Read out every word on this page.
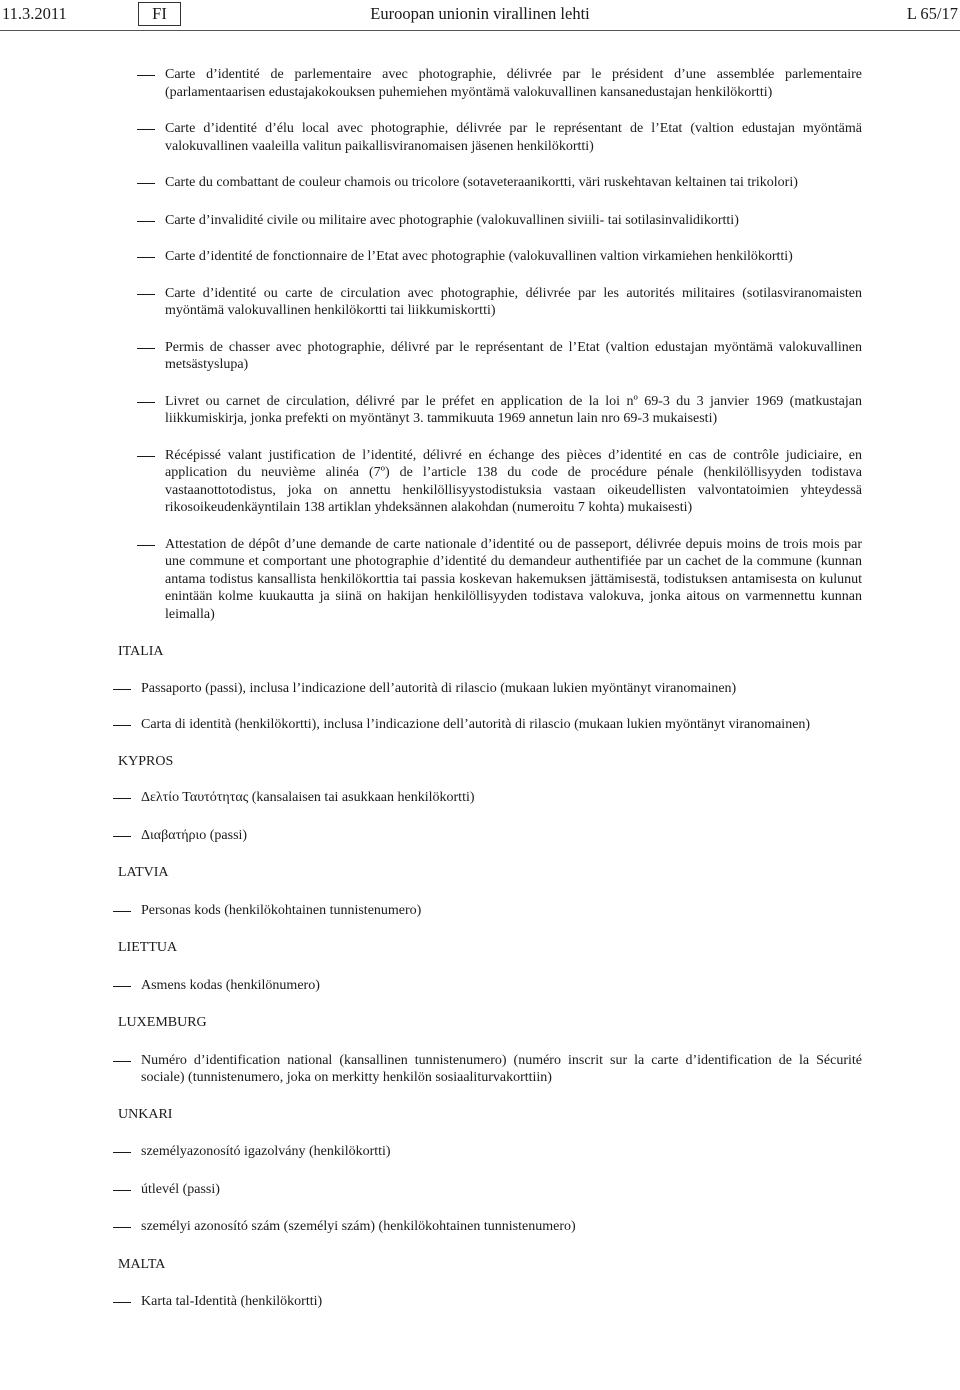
11.3.2011	FI	Euroopan unionin virallinen lehti	L 65/17
Carte d’identité de parlementaire avec photographie, délivrée par le président d’une assemblée parlementaire (parlamentaarisen edustajakokouksen puhemiehen myöntämä valokuvallinen kansanedustajan henkilökortti)
Carte d’identité d’élu local avec photographie, délivrée par le représentant de l’Etat (valtion edustajan myöntämä valokuvallinen vaaleilla valitun paikallisviranomaisen jäsenen henkilökortti)
Carte du combattant de couleur chamois ou tricolore (sotaveteraanikortti, väri ruskehtavan keltainen tai trikolori)
Carte d’invalidité civile ou militaire avec photographie (valokuvallinen siviili- tai sotilasinvalidikortti)
Carte d’identité de fonctionnaire de l’Etat avec photographie (valokuvallinen valtion virkamiehen henkilökortti)
Carte d’identité ou carte de circulation avec photographie, délivrée par les autorités militaires (sotilasviranomaisten myöntämä valokuvallinen henkilökortti tai liikkumiskortti)
Permis de chasser avec photographie, délivré par le représentant de l’Etat (valtion edustajan myöntämä valokuvallinen metsästyslupa)
Livret ou carnet de circulation, délivré par le préfet en application de la loi nº 69-3 du 3 janvier 1969 (matkustajan liikkumiskirja, jonka prefekti on myöntänyt 3. tammikuuta 1969 annetun lain nro 69-3 mukaisesti)
Récépissé valant justification de l’identité, délivré en échange des pièces d’identité en cas de contrôle judiciaire, en application du neuvième alinéa (7º) de l’article 138 du code de procédure pénale (henkilöllisyyden todistava vastaanottotodistus, joka on annettu henkilöllisyystodistuksia vastaan oikeudellisten valvontatoimien yhteydessä rikosoikeudenkäyntilain 138 artiklan yhdeksännen alakohdan (numeroitu 7 kohta) mukaisesti)
Attestation de dépôt d’une demande de carte nationale d’identité ou de passeport, délivrée depuis moins de trois mois par une commune et comportant une photographie d’identité du demandeur authentifiée par un cachet de la commune (kunnan antama todistus kansallista henkilökorttia tai passia koskevan hakemuksen jättämisestä, todistuksen antamisesta on kulunut enintään kolme kuukautta ja siinä on hakijan henkilöllisyyden todistava valokuva, jonka aitous on varmennettu kunnan leimalla)
ITALIA
Passaporto (passi), inclusa l’indicazione dell’autorità di rilascio (mukaan lukien myöntänyt viranomainen)
Carta di identità (henkilökortti), inclusa l’indicazione dell’autorità di rilascio (mukaan lukien myöntänyt viranomainen)
KYPROS
Δελτίο Ταυτότητας (kansalaisen tai asukkaan henkilökortti)
Διαβατήριο (passi)
LATVIA
Personas kods (henkilökohtainen tunnistenumero)
LIETTUA
Asmens kodas (henkilönumero)
LUXEMBURG
Numéro d’identification national (kansallinen tunnistenumero) (numéro inscrit sur la carte d’identification de la Sécurité sociale) (tunnistenumero, joka on merkitty henkilön sosiaaliturvakorttiin)
UNKARI
személyazonosító igazolvány (henkilökortti)
útlevél (passi)
személyi azonosító szám (személyi szám) (henkilökohtainen tunnistenumero)
MALTA
Karta tal-Identità (henkilökortti)
